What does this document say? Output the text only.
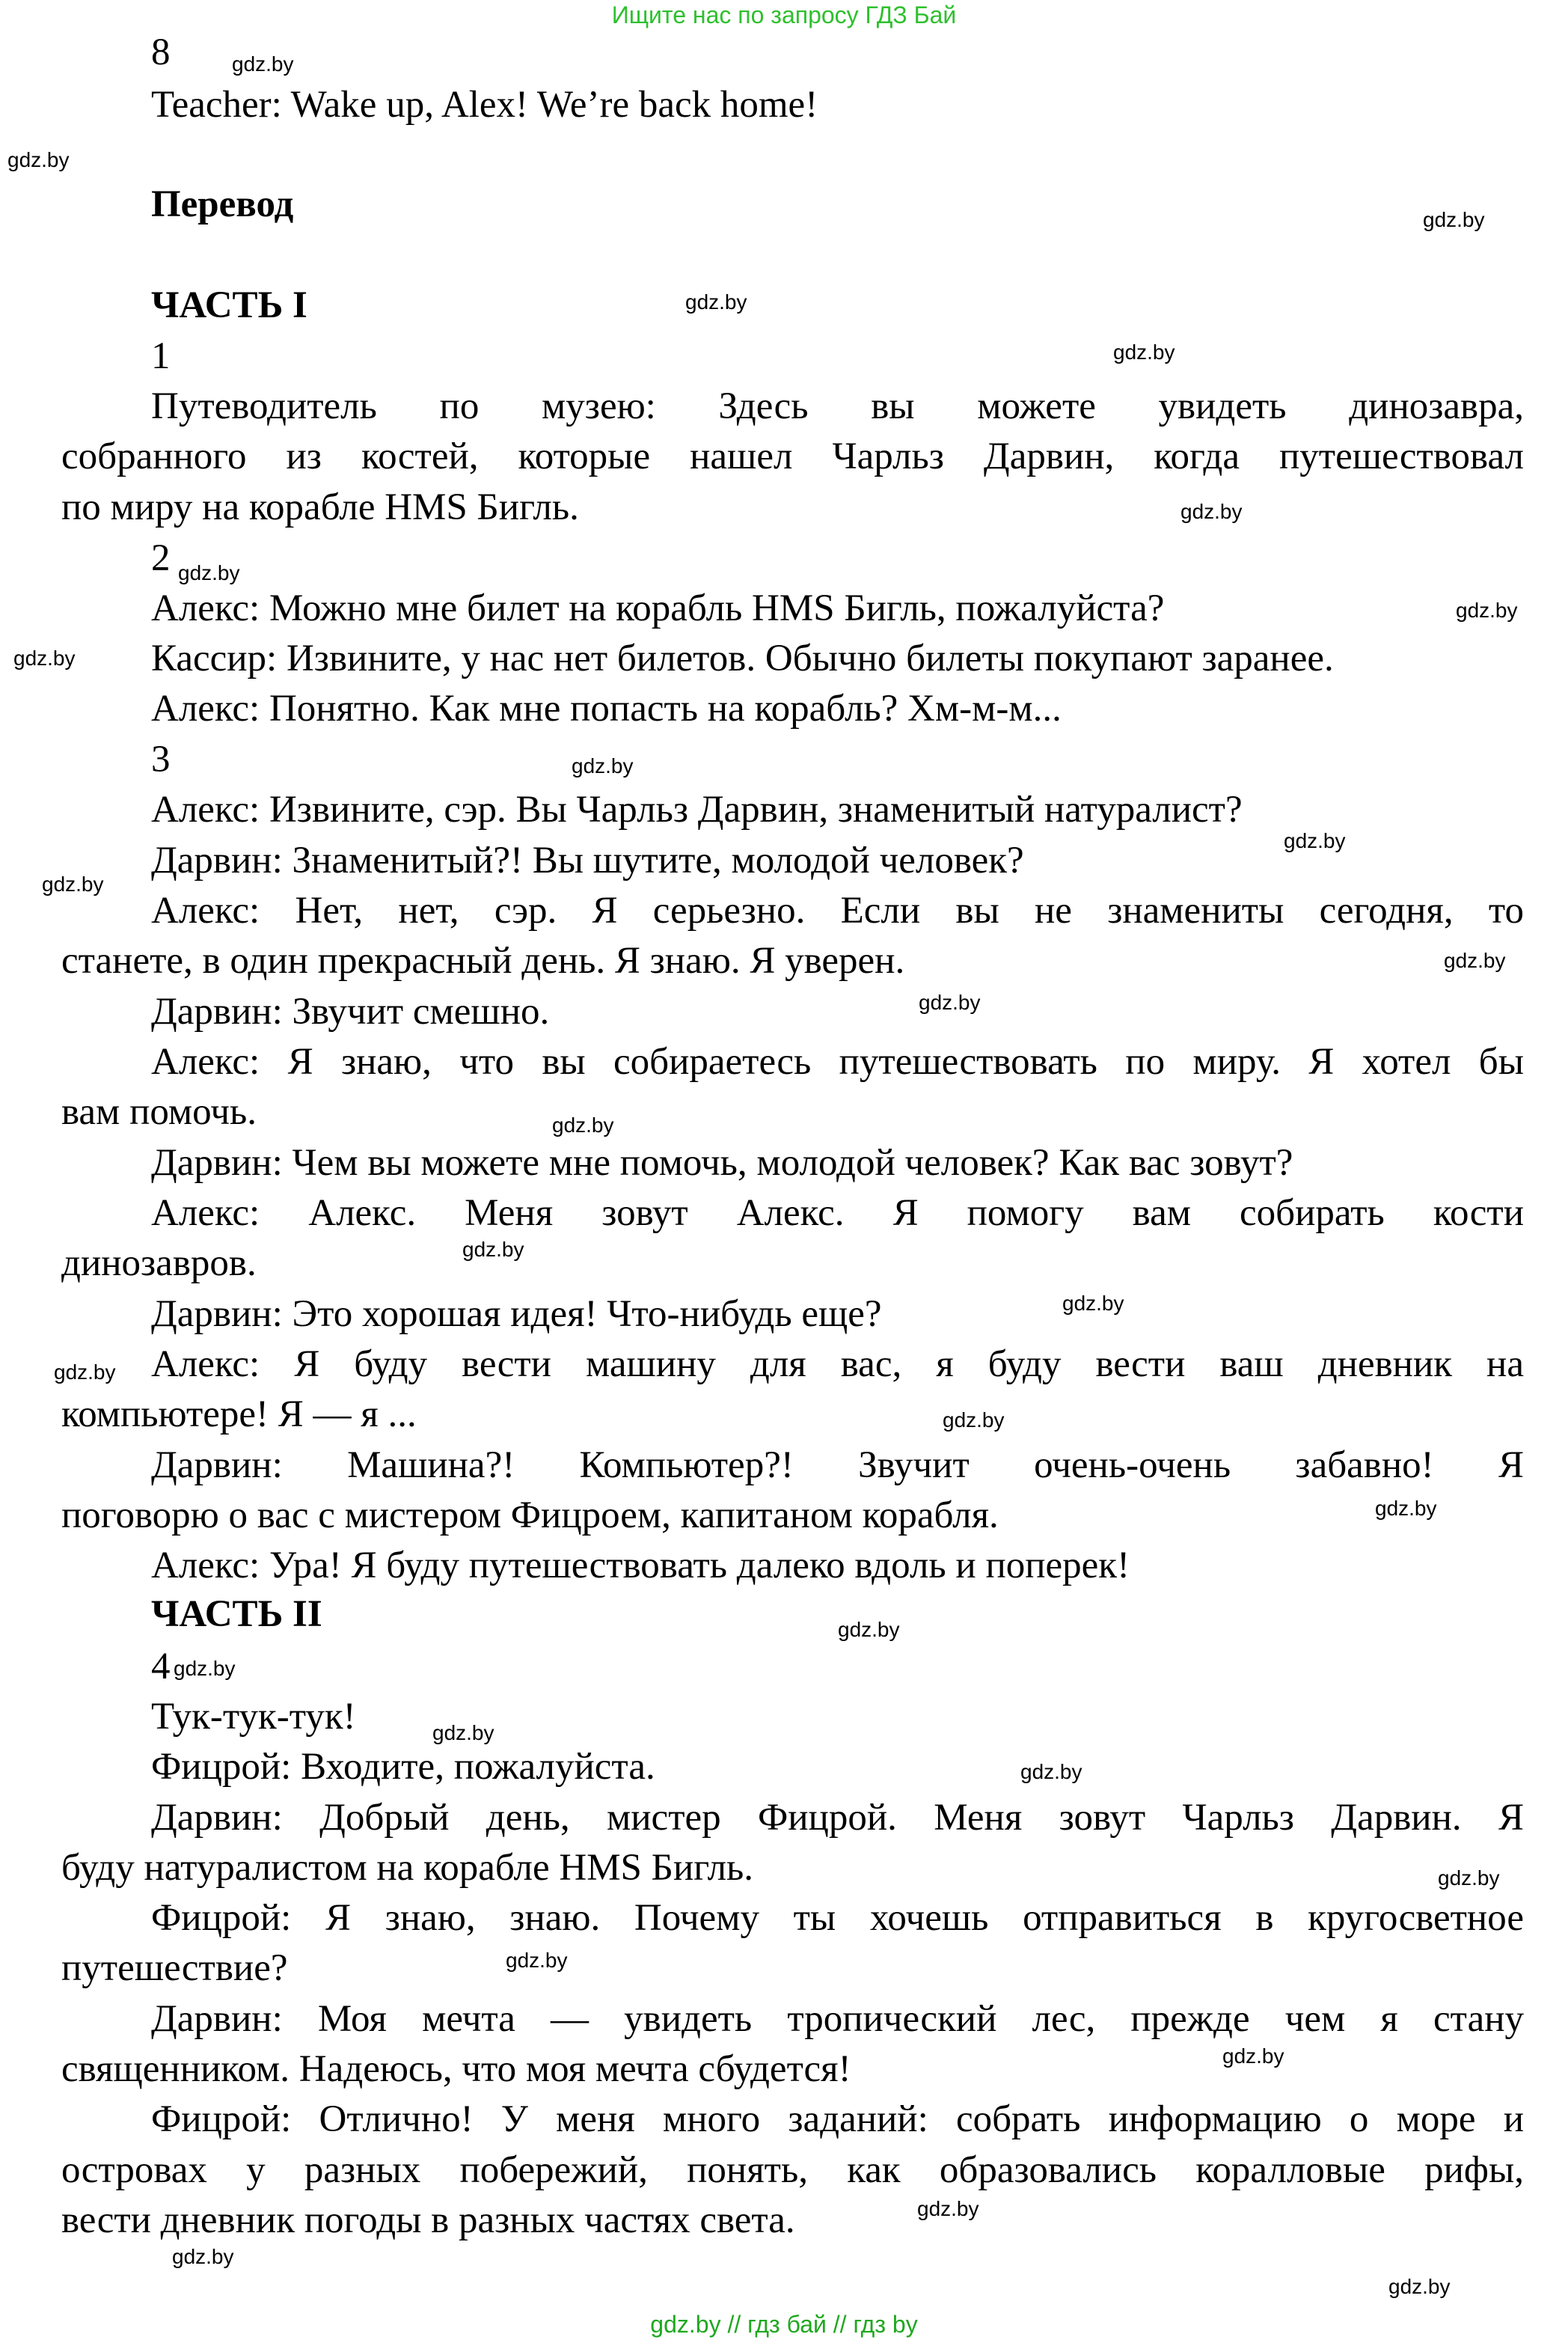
Ищите нас по запросу ГДЗ Бай
8
Teacher: Wake up, Alex! We’re back home!
Перевод
ЧАСТЬ I
1
Путеводитель по музею: Здесь вы можете увидеть динозавра,
собранного из костей, которые нашел Чарльз Дарвин, когда путешествовал
по миру на корабле HMS Бигль.
2
Алекс: Можно мне билет на корабль HMS Бигль, пожалуйста?
Кассир: Извините, у нас нет билетов. Обычно билеты покупают заранее.
Алекс: Понятно. Как мне попасть на корабль? Хм-м-м...
3
Алекс: Извините, сэр. Вы Чарльз Дарвин, знаменитый натуралист?
Дарвин: Знаменитый?! Вы шутите, молодой человек?
Алекс: Нет, нет, сэр. Я серьезно. Если вы не знамениты сегодня, то
станете, в один прекрасный день. Я знаю. Я уверен.
Дарвин: Звучит смешно.
Алекс: Я знаю, что вы собираетесь путешествовать по миру. Я хотел бы
вам помочь.
Дарвин: Чем вы можете мне помочь, молодой человек? Как вас зовут?
Алекс: Алекс. Меня зовут Алекс. Я помогу вам собирать кости
динозавров.
Дарвин: Это хорошая идея! Что-нибудь еще?
Алекс: Я буду вести машину для вас, я буду вести ваш дневник на
компьютере! Я — я ...
Дарвин: Машина?! Компьютер?! Звучит очень-очень забавно! Я
поговорю о вас с мистером Фицроем, капитаном корабля.
Алекс: Ура! Я буду путешествовать далеко вдоль и поперек!
ЧАСТЬ II
4
Тук-тук-тук!
Фицрой: Входите, пожалуйста.
Дарвин: Добрый день, мистер Фицрой. Меня зовут Чарльз Дарвин. Я
буду натуралистом на корабле HMS Бигль.
Фицрой: Я знаю, знаю. Почему ты хочешь отправиться в кругосветное
путешествие?
Дарвин: Моя мечта — увидеть тропический лес, прежде чем я стану
священником. Надеюсь, что моя мечта сбудется!
Фицрой: Отлично! У меня много заданий: собрать информацию о море и
островах у разных побережий, понять, как образовались коралловые рифы,
вести дневник погоды в разных частях света.
gdz.by
gdz.by
gdz.by
gdz.by
gdz.by
gdz.by
gdz.by
gdz.by
gdz.by
gdz.by
gdz.by
gdz.by
gdz.by
gdz.by
gdz.by
gdz.by
gdz.by
gdz.by
gdz.by
gdz.by
gdz.by
gdz.by
gdz.by
gdz.by
gdz.by
gdz.by
gdz.by
gdz.by
gdz.by
gdz.by
gdz.by // гдз бай // гдз by
